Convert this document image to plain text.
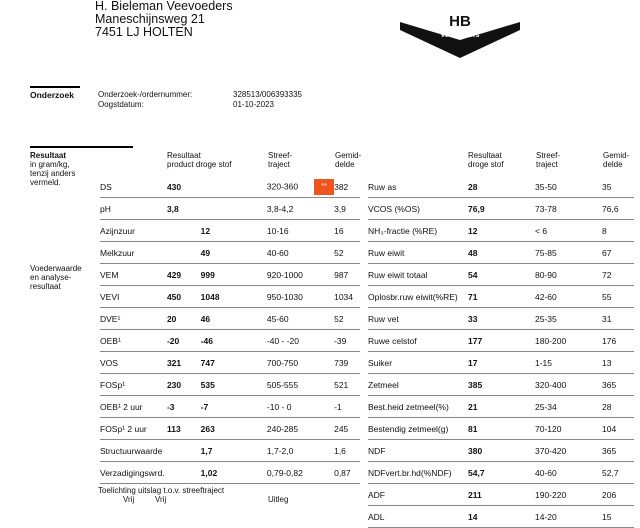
H. Bieleman Veevoeders
Maneschijnsweg 21
7451 LJ HOLTEN
HB
Veevoeders
Onderzoek	Onderzoek-/ordernummer:
Oogstdatum:
328513/006393335
01-10-2023
Resultaat
in gram/kg,
tenzij anders
vermeld.
Voederwaarde
en analyse-
resultaat
Resultaat
product droge stof
Streef-
traject
Gemid-
delde
Resultaat
droge stof
Streef-
traject
Gemid-
delde
DS	430		320-360 **	382
pH	3,8		3,8-4,2	3,9
Azijnzuur		12	10-16	16
Melkzuur		49	40-60	52
VEM	429	999	920-1000	987
VEVI	450	1048	950-1030	1034
DVE¹	20	46	45-60	52
OEB¹	-20	-46	-40 - -20	-39
VOS	321	747	700-750	739
FOSp¹	230	535	505-555	521
OEB¹ 2 uur	-3	-7	-10 - 0	-1
FOSp¹ 2 uur	113	263	240-285	245
Structuurwaarde		1,7	1,7-2,0	1,6
Verzadigingswrd.		1,02	0,79-0,82	0,87
Ruw as	28	35-50	35
VCOS (%OS)	76,9	73-78	76,6
NH₃-fractie (%RE)	12	< 6	8
Ruw eiwit	48	75-85	67
Ruw eiwit totaal	54	80-90	72
Oplosbr.ruw eiwit(%RE)	71	42-60	55
Ruw vet	33	25-35	31
Ruwe celstof	177	180-200	176
Suiker	17	1-15	13
Zetmeel	385	320-400	365
Best.heid zetmeel(%)	21	25-34	28
Bestendig zetmeel(g)	81	70-120	104
NDF	380	370-420	365
NDFvert.br.hd(%NDF)	54,7	40-60	52,7
ADF	211	190-220	206
ADL	14	14-20	15
Toelichting uitslag t.o.v. streeftraject
Vrij	Vrij	Uitleg
